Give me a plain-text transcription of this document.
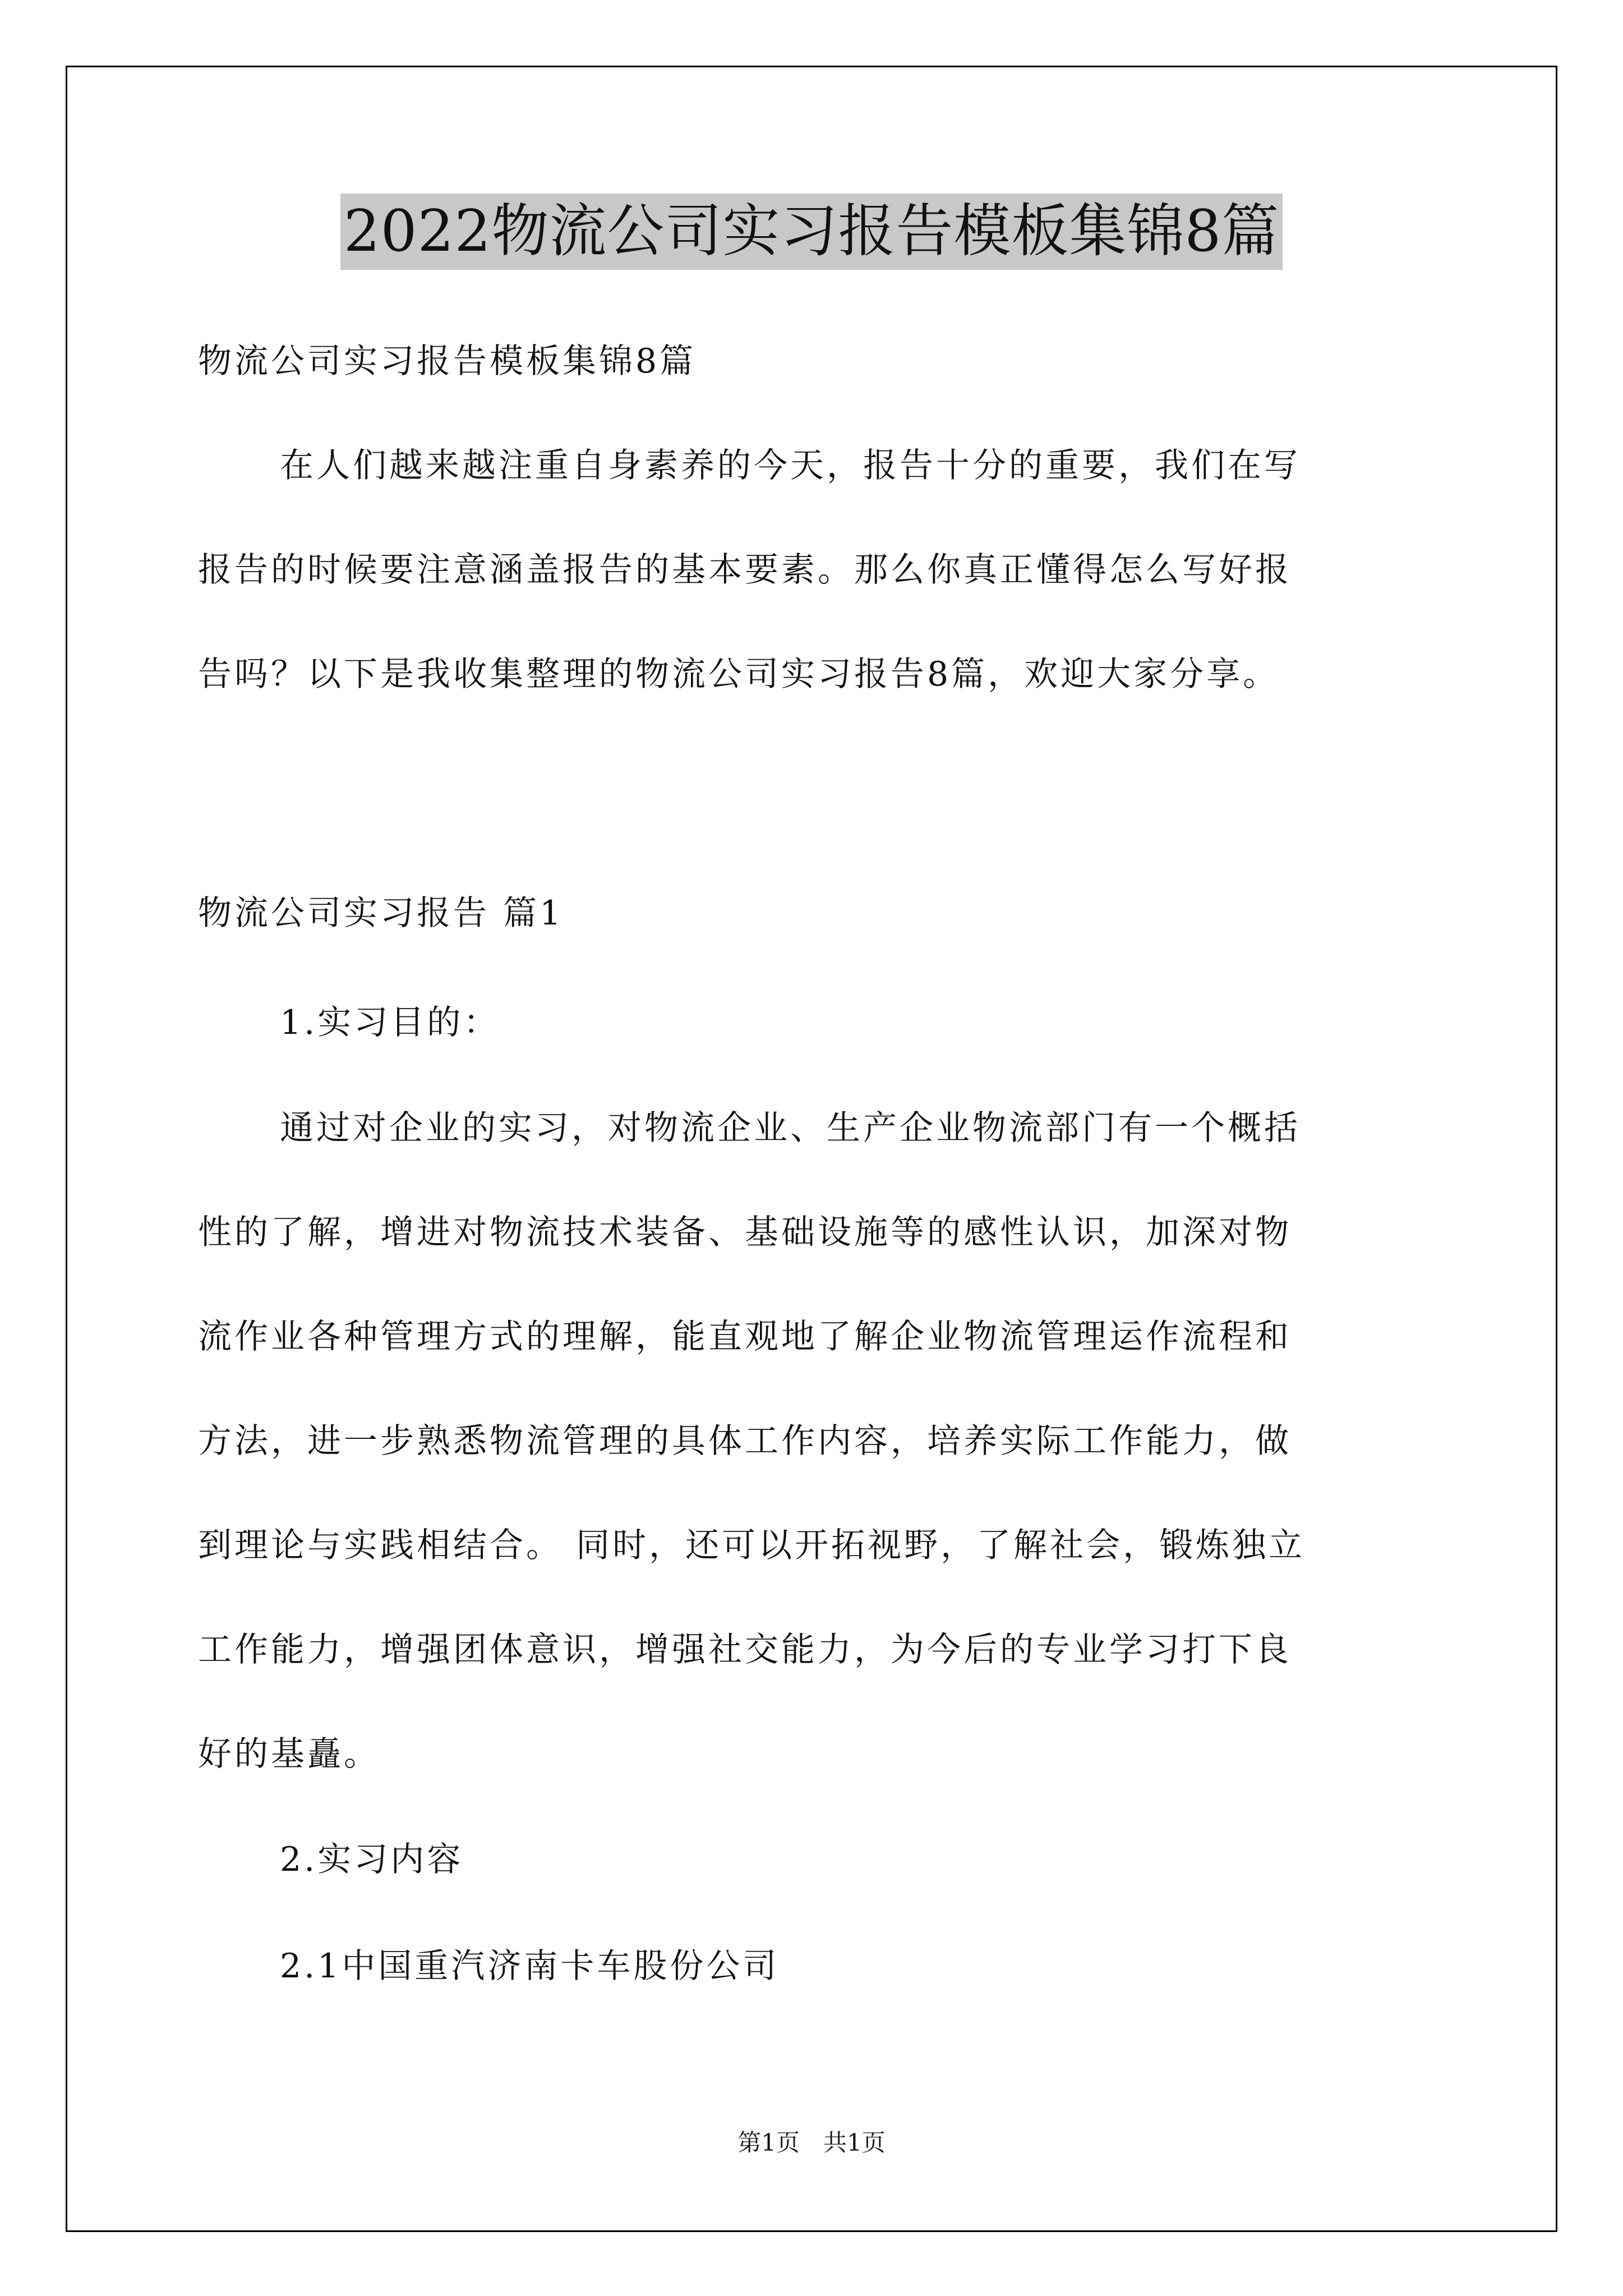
2022物流公司实习报告模板集锦8篇

物流公司实习报告模板集锦8篇

在人们越来越注重自身素养的今天，报告十分的重要，我们在写

报告的时候要注意涵盖报告的基本要素。那么你真正懂得怎么写好报

告吗？以下是我收集整理的物流公司实习报告8篇，欢迎大家分享。

物流公司实习报告 篇1

1.实习目的：

通过对企业的实习，对物流企业、生产企业物流部门有一个概括

性的了解，增进对物流技术装备、基础设施等的感性认识，加深对物

流作业各种管理方式的理解，能直观地了解企业物流管理运作流程和

方法，进一步熟悉物流管理的具体工作内容，培养实际工作能力，做

到理论与实践相结合。 同时，还可以开拓视野，了解社会，锻炼独立

工作能力，增强团体意识，增强社交能力，为今后的专业学习打下良

好的基矗。

2.实习内容

2.1中国重汽济南卡车股份公司

第1页　共1页
